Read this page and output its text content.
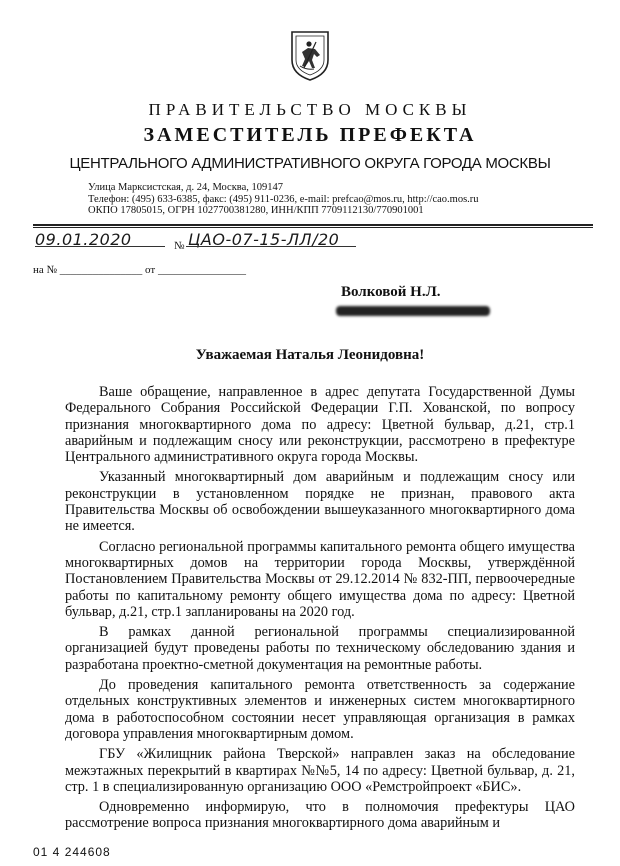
ПРАВИТЕЛЬСТВО МОСКВЫ
ЗАМЕСТИТЕЛЬ ПРЕФЕКТА
ЦЕНТРАЛЬНОГО АДМИНИСТРАТИВНОГО ОКРУГА ГОРОДА МОСКВЫ
Улица Марксистская, д. 24, Москва, 109147
Телефон: (495) 633-6385, факс: (495) 911-0236, e-mail: prefcao@mos.ru, http://cao.mos.ru
ОКПО 17805015, ОГРН 1027700381280, ИНН/КПП 7709112130/770901001
09.01.2020	№ ЦАО-07-15-ЛЛ/20
на № _______________ от ________________
Волковой Н.Л.
Уважаемая Наталья Леонидовна!

Ваше обращение, направленное в адрес депутата Государственной Думы Федерального Собрания Российской Федерации Г.П. Хованской, по вопросу признания многоквартирного дома по адресу: Цветной бульвар, д.21, стр.1 аварийным и подлежащим сносу или реконструкции, рассмотрено в префектуре Центрального административного округа города Москвы.

Указанный многоквартирный дом аварийным и подлежащим сносу или реконструкции в установленном порядке не признан, правового акта Правительства Москвы об освобождении вышеуказанного многоквартирного дома не имеется.

Согласно региональной программы капитального ремонта общего имущества многоквартирных домов на территории города Москвы, утверждённой Постановлением Правительства Москвы от 29.12.2014 № 832-ПП, первоочередные работы по капитальному ремонту общего имущества дома по адресу: Цветной бульвар, д.21, стр.1 запланированы на 2020 год.

В рамках данной региональной программы специализированной организацией будут проведены работы по техническому обследованию здания и разработана проектно-сметной документация на ремонтные работы.

До проведения капитального ремонта ответственность за содержание отдельных конструктивных элементов и инженерных систем многоквартирного дома в работоспособном состоянии несет управляющая организация в рамках договора управления многоквартирным домом.

ГБУ «Жилищник района Тверской» направлен заказ на обследование межэтажных перекрытий в квартирах №№5, 14 по адресу: Цветной бульвар, д. 21, стр. 1 в специализированную организацию ООО «Ремстройпроект «БИС».

Одновременно информирую, что в полномочия префектуры ЦАО рассмотрение вопроса признания многоквартирного дома аварийным и

01 4 244608
